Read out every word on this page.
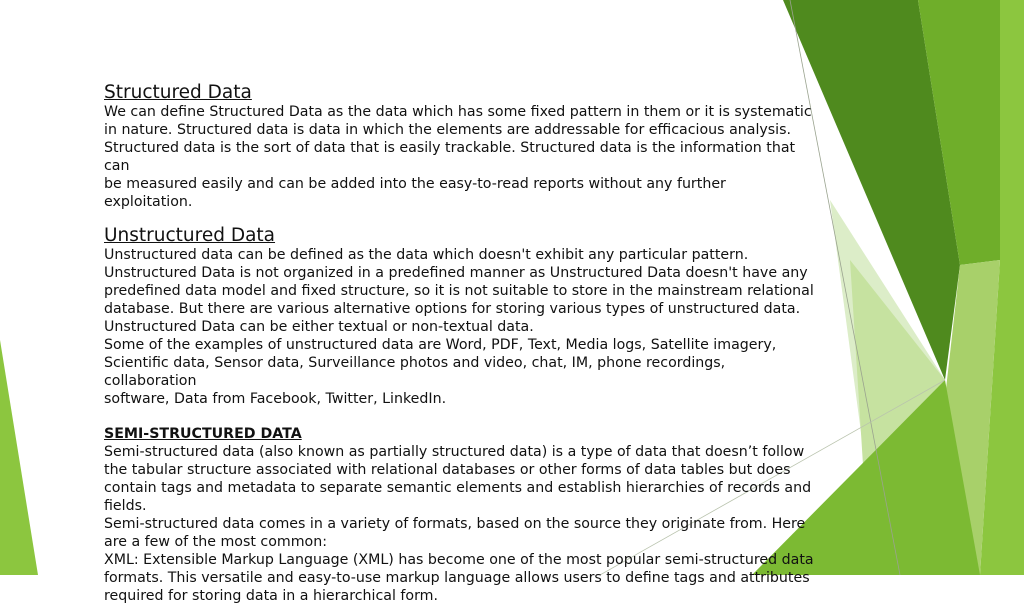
Structured Data

We can define Structured Data as the data which has some fixed pattern in them or it is systematic

in nature. Structured data is data in which the elements are addressable for efficacious analysis.

Structured data is the sort of data that is easily trackable. Structured data is the information that can

be measured easily and can be added into the easy-to-read reports without any further exploitation.

Unstructured Data

Unstructured data can be defined as the data which doesn't exhibit any particular pattern.

Unstructured Data is not organized in a predefined manner as Unstructured Data doesn't have any

predefined data model and fixed structure, so it is not suitable to store in the mainstream relational

database. But there are various alternative options for storing various types of unstructured data.

Unstructured Data can be either textual or non-textual data.

Some of the examples of unstructured data are Word, PDF, Text, Media logs, Satellite imagery,

Scientific data, Sensor data, Surveillance photos and video, chat, IM, phone recordings, collaboration

software, Data from Facebook, Twitter, LinkedIn.

SEMI-STRUCTURED DATA

Semi-structured data (also known as partially structured data) is a type of data that doesn’t follow

the tabular structure associated with relational databases or other forms of data tables but does

contain tags and metadata to separate semantic elements and establish hierarchies of records and

fields.

Semi-structured data comes in a variety of formats, based on the source they originate from. Here

are a few of the most common:

XML: Extensible Markup Language (XML) has become one of the most popular semi-structured data

formats. This versatile and easy-to-use markup language allows users to define tags and attributes

required for storing data in a hierarchical form.
